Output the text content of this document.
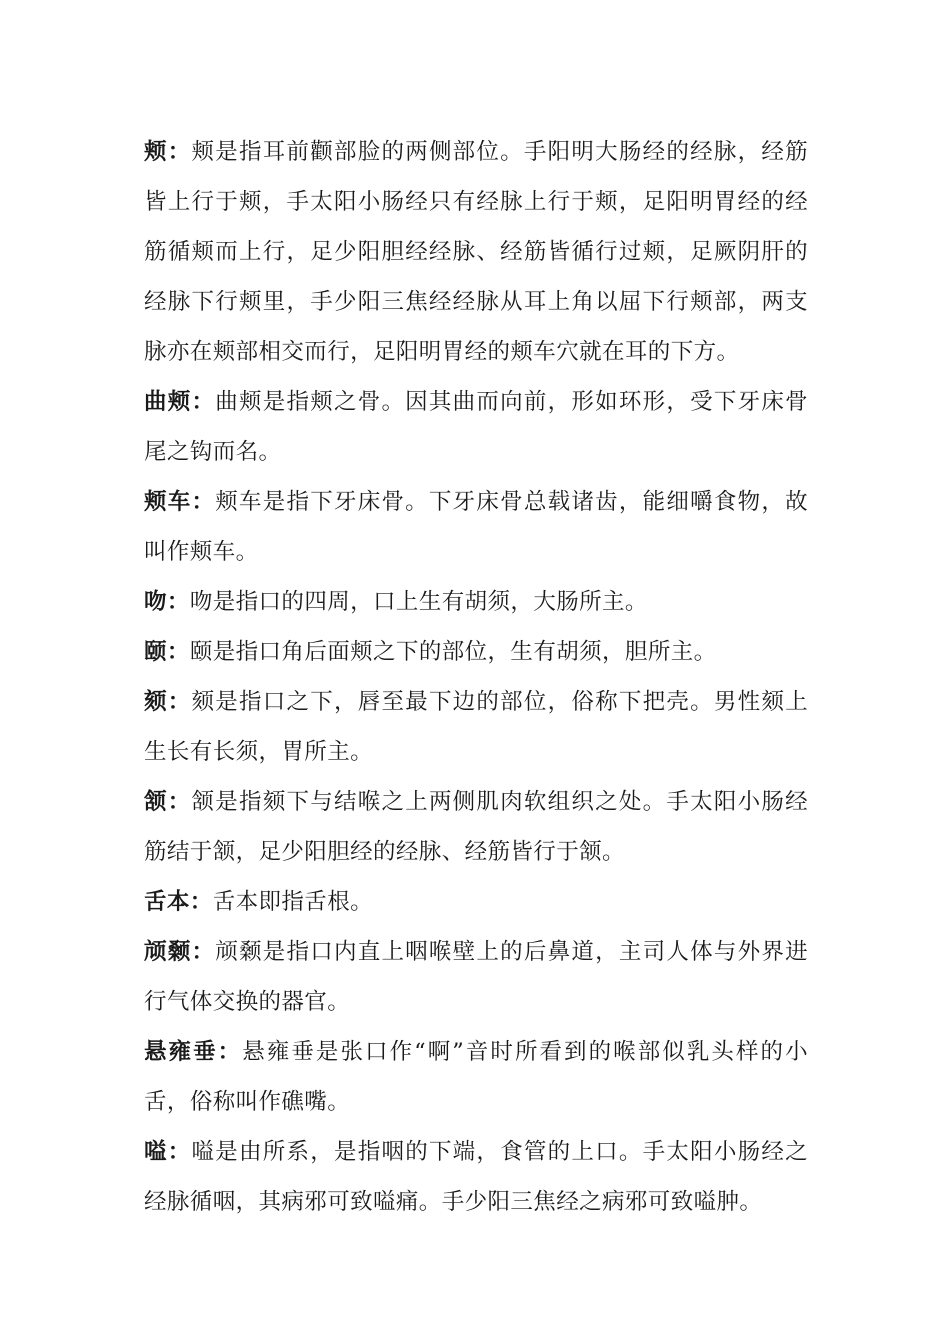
颊：颊是指耳前颧部脸的两侧部位。手阳明大肠经的经脉，经筋皆上行于颊，手太阳小肠经只有经脉上行于颊，足阳明胃经的经筋循颊而上行，足少阳胆经经脉、经筋皆循行过颊，足厥阴肝的经脉下行颊里，手少阳三焦经经脉从耳上角以屈下行颊部，两支脉亦在颊部相交而行，足阳明胃经的颊车穴就在耳的下方。

曲颊：曲颊是指颊之骨。因其曲而向前，形如环形，受下牙床骨尾之钩而名。

颊车：颊车是指下牙床骨。下牙床骨总载诸齿，能细嚼食物，故叫作颊车。

吻：吻是指口的四周，口上生有胡须，大肠所主。

颐：颐是指口角后面颊之下的部位，生有胡须，胆所主。

颏：颏是指口之下，唇至最下边的部位，俗称下把壳。男性颏上生长有长须，胃所主。

颔：颔是指颏下与结喉之上两侧肌肉软组织之处。手太阳小肠经筋结于颔，足少阳胆经的经脉、经筋皆行于颔。

舌本：舌本即指舌根。

颃颡：颃颡是指口内直上咽喉壁上的后鼻道，主司人体与外界进行气体交换的器官。

悬雍垂：悬雍垂是张口作“啊”音时所看到的喉部似乳头样的小舌，俗称叫作礁嘴。

嗌：嗌是由所系，是指咽的下端，食管的上口。手太阳小肠经之经脉循咽，其病邪可致嗌痛。手少阳三焦经之病邪可致嗌肿。
